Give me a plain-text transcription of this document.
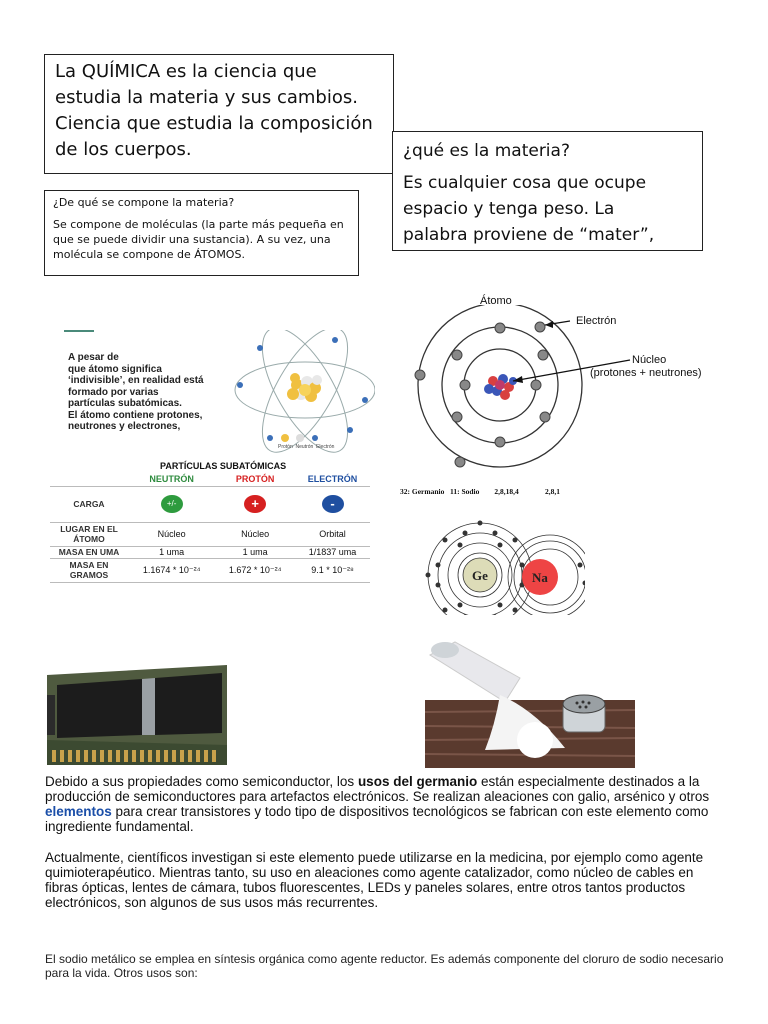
La QUÍMICA es la ciencia que
estudia la materia y sus cambios.
Ciencia que estudia la composición
de los cuerpos.	¿qué es la materia?
Es cualquier cosa que ocupe
espacio y tenga peso. La
palabra proviene de “mater”,

¿De qué se compone la materia?

Se compone de moléculas (la parte más pequeña en que se puede dividir una sustancia). A su vez, una molécula se compone de ÁTOMOS.

A pesar de
que átomo significa
‘indivisible’, en realidad está
formado por varias
partículas subatómicas.
El átomo contiene protones,
neutrones y electrones,
Protón Neutrón Electrón
PARTÍCULAS SUBATÓMICAS
	NEUTRÓN	PROTÓN	ELECTRÓN
CARGA	+/-	+	-
LUGAR EN EL ÁTOMO	Núcleo	Núcleo	Orbital
MASA EN UMA	1 uma	1 uma	1/1837 uma
MASA EN GRAMOS	1.1674 * 10⁻²⁴	1.672 * 10⁻²⁴	9.1 * 10⁻²⁸
Átomo
Electrón
Núcleo
(protones + neutrones)
32: Germanio   11: Sodio        2,8,18,4              2,8,1
Ge	Na
Debido a sus propiedades como semiconductor, los usos del germanio están especialmente destinados a la producción de semiconductores para artefactos electrónicos. Se realizan aleaciones con galio, arsénico y otros elementos para crear transistores y todo tipo de dispositivos tecnológicos se fabrican con este elemento como ingrediente fundamental.
Actualmente, científicos investigan si este elemento puede utilizarse en la medicina, por ejemplo como agente quimioterapéutico. Mientras tanto, su uso en aleaciones como agente catalizador, como núcleo de cables en fibras ópticas, lentes de cámara, tubos fluorescentes, LEDs y paneles solares, entre otros tantos productos electrónicos, son algunos de sus usos más recurrentes.
El sodio metálico se emplea en síntesis orgánica como agente reductor. Es además componente del cloruro de sodio necesario para la vida. Otros usos son:
